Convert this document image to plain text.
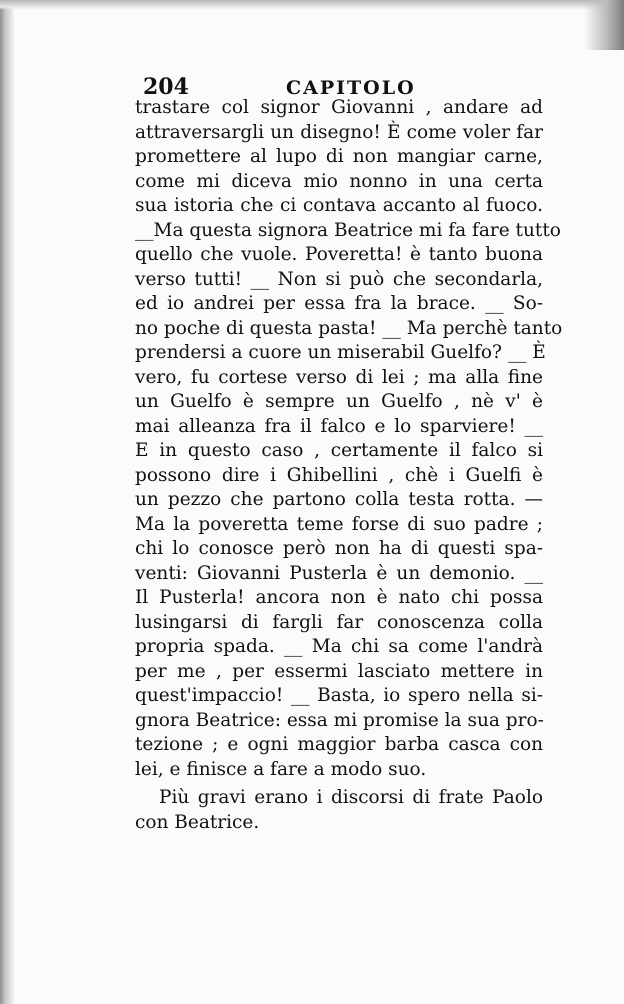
204	CAPITOLO
trastare col signor Giovanni , andare ad
attraversargli un disegno! È come voler far
promettere al lupo di non mangiar carne,
come mi diceva mio nonno in una certa
sua istoria che ci contava accanto al fuoco.
__Ma questa signora Beatrice mi fa fare tutto
quello che vuole. Poveretta! è tanto buona
verso tutti! __ Non si può che secondarla,
ed io andrei per essa fra la brace. __ So-
no poche di questa pasta! __ Ma perchè tanto
prendersi a cuore un miserabil Guelfo? __ È
vero, fu cortese verso di lei ; ma alla fine
un Guelfo è sempre un Guelfo , nè v' è
mai alleanza fra il falco e lo sparviere! __
E in questo caso , certamente il falco si
possono dire i Ghibellini , chè i Guelfi è
un pezzo che partono colla testa rotta. —
Ma la poveretta teme forse di suo padre ;
chi lo conosce però non ha di questi spa-
venti: Giovanni Pusterla è un demonio. __
Il Pusterla! ancora non è nato chi possa
lusingarsi di fargli far conoscenza colla
propria spada. __ Ma chi sa come l'andrà
per me , per essermi lasciato mettere in
quest'impaccio! __ Basta, io spero nella si-
gnora Beatrice: essa mi promise la sua pro-
tezione ; e ogni maggior barba casca con
lei, e finisce a fare a modo suo.
Più gravi erano i discorsi di frate Paolo
con Beatrice.
